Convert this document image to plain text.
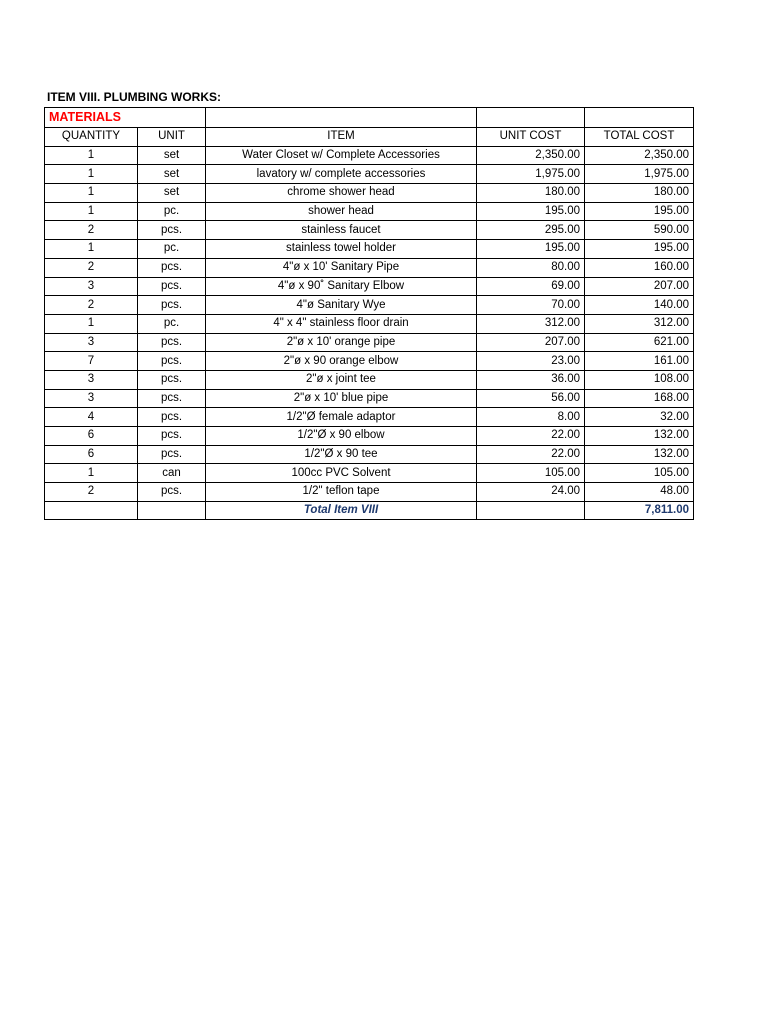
ITEM VIII. PLUMBING WORKS:
MATERIALS				
QUANTITY	UNIT	ITEM	UNIT COST	TOTAL COST
1	set	Water Closet w/ Complete Accessories	2,350.00	2,350.00
1	set	lavatory w/ complete accessories	1,975.00	1,975.00
1	set	chrome shower head	180.00	180.00
1	pc.	shower head	195.00	195.00
2	pcs.	stainless faucet	295.00	590.00
1	pc.	stainless towel holder	195.00	195.00
2	pcs.	4"ø x 10' Sanitary Pipe	80.00	160.00
3	pcs.	4"ø x 90˚ Sanitary Elbow	69.00	207.00
2	pcs.	4"ø Sanitary Wye	70.00	140.00
1	pc.	4" x 4" stainless floor drain	312.00	312.00
3	pcs.	2"ø x 10' orange pipe	207.00	621.00
7	pcs.	2"ø x 90 orange elbow	23.00	161.00
3	pcs.	2"ø x joint tee	36.00	108.00
3	pcs.	2"ø x 10' blue pipe	56.00	168.00
4	pcs.	1/2"Ø female adaptor	8.00	32.00
6	pcs.	1/2"Ø x 90 elbow	22.00	132.00
6	pcs.	1/2"Ø x 90 tee	22.00	132.00
1	can	100cc PVC Solvent	105.00	105.00
2	pcs.	1/2" teflon tape	24.00	48.00
		Total Item VIII		7,811.00
